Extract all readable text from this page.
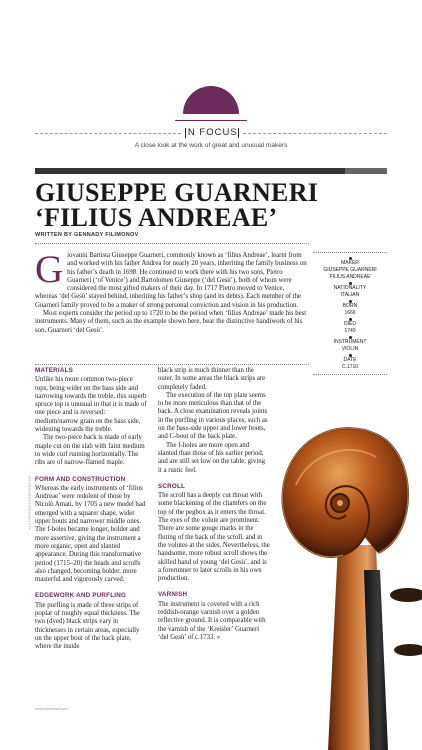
Lutherie
IN FOCUS
A close look at the work of great and unusual makers
GIUSEPPE GUARNERI
‘FILIUS ANDREAE’
WRITTEN BY GENNADY FILIMONOV
G iovanni Battista Giuseppe Guarneri, commonly known as ‘filius Andreae’, learnt from and worked with his father Andrea for nearly 20 years, inheriting the family business on his father’s death in 1698. He continued to work there with his two sons, Pietro Guarneri (‘of Venice’) and Bartolomeo Giuseppe (‘del Gesù’), both of whom were considered the most gifted makers of their day. In 1717 Pietro moved to Venice, whereas ‘del Gesù’ stayed behind, inheriting his father’s shop (and its debts). Each member of the Guarneri family proved to be a maker of strong personal conviction and vision in his production.

Most experts consider the period up to 1720 to be the period when ‘filius Andreae’ made his best instruments. Many of them, such as the example shown here, bear the distinctive handiwork of his son, Guarneri ‘del Gesù’.

MATERIALS

Unlike his more common two-piece tops, being wider on the bass side and narrowing towards the treble, this superb spruce top is unusual in that it is made of one piece and is reversed: medium/narrow grain on the bass side, widening towards the treble.

The two-piece back is made of early maple cut on the slab with faint medium to wide curl running horizontally. The ribs are of narrow-flamed maple.

FORM AND CONSTRUCTION

Whereas the early instruments of ‘filius Andreae’ were redolent of those by Nicolò Amati, by 1705 a new model had emerged with a squarer shape, wider upper bouts and narrower middle ones. The f-holes became longer, bolder and more assertive, giving the instrument a more organic, open and slanted appearance. During this transformative period (1715–20) the heads and scrolls also changed, becoming bolder, more masterful and vigorously carved.

EDGEWORK AND PURFLING

The purfling is made of three strips of poplar of roughly equal thickness. The two (dyed) black strips vary in thicknesses in certain areas, especially on the upper bout of the back plate, where the inside

black strip is much thinner than the outer. In some areas the black strips are completely faded.

The execution of the top plate seems to be more meticulous than that of the back. A close examination reveals joints in the purfling in various places, such as on the bass-side upper and lower bouts, and C-bout of the back plate.

The f-holes are more open and slanted than those of his earlier period, and are still set low on the table, giving it a rustic feel.

SCROLL

The scroll has a deeply cut throat with some blackening of the chamfers on the top of the pegbox as it enters the throat. The eyes of the volute are prominent. There are some gouge marks in the fluting of the back of the scroll, and in the volutes at the sides. Nevertheless, the handsome, more robust scroll shows the skilled hand of young ‘del Gesù’, and is a forerunner to later scrolls in his own production.

VARNISH

The instrument is covered with a rich reddish-orange varnish over a golden reflective ground. It is comparable with the varnish of the ‘Kreisler’ Guarneri ‘del Gesù’ of c.1733. »

MAKER
GIUSEPPE GUARNERI
‘FILIUS ANDREAE’
NATIONALITY
ITALIAN
BORN
1666
DIED
1740
INSTRUMENT
VIOLIN
DATE
C.1710
www.thestrad.com
ALL PHOTOS COURTESY OF ...
